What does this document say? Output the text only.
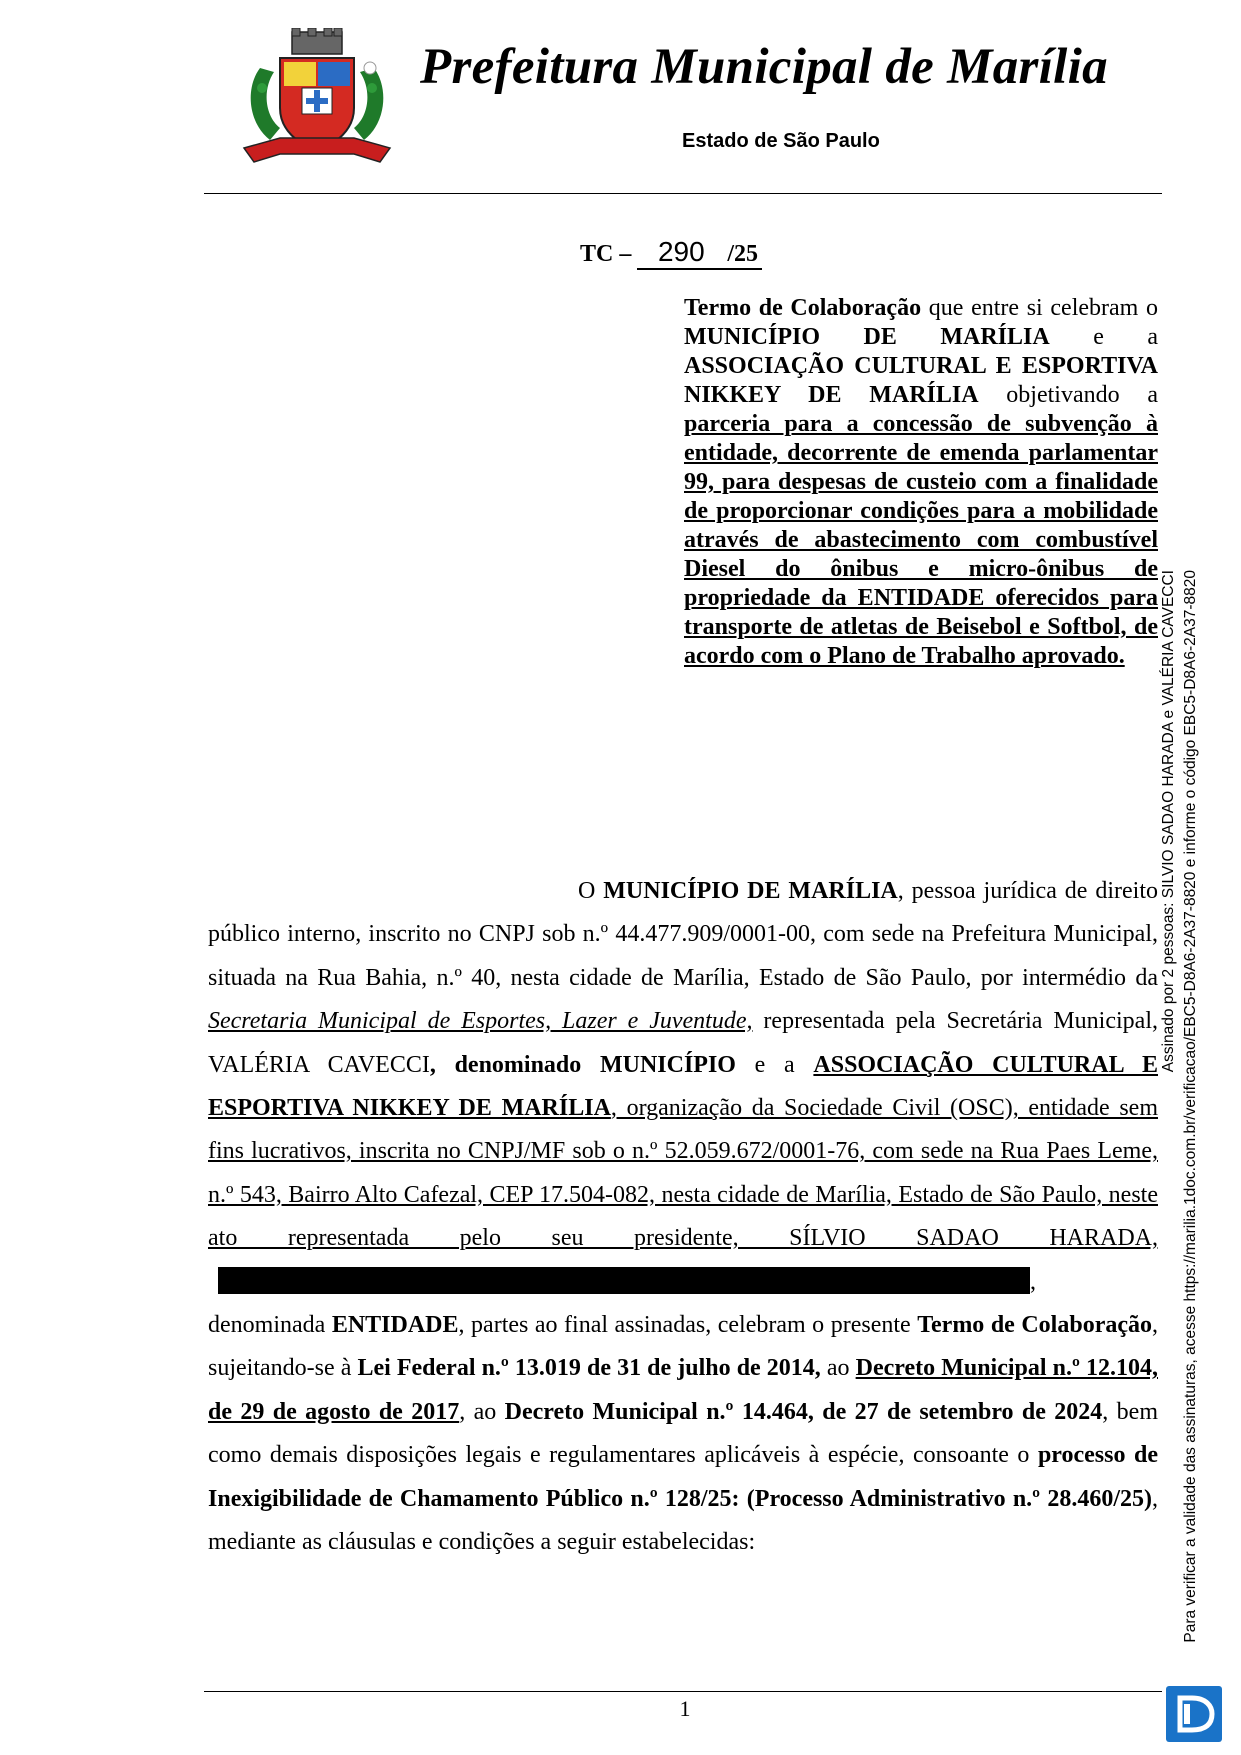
Prefeitura Municipal de Marília
Estado de São Paulo
TC – 290 /25
Termo de Colaboração que entre si celebram o MUNICÍPIO DE MARÍLIA e a ASSOCIAÇÃO CULTURAL E ESPORTIVA NIKKEY DE MARÍLIA objetivando a parceria para a concessão de subvenção à entidade, decorrente de emenda parlamentar 99, para despesas de custeio com a finalidade de proporcionar condições para a mobilidade através de abastecimento com combustível Diesel do ônibus e micro-ônibus de propriedade da ENTIDADE oferecidos para transporte de atletas de Beisebol e Softbol, de acordo com o Plano de Trabalho aprovado.
O MUNICÍPIO DE MARÍLIA, pessoa jurídica de direito público interno, inscrito no CNPJ sob n.º 44.477.909/0001-00, com sede na Prefeitura Municipal, situada na Rua Bahia, n.º 40, nesta cidade de Marília, Estado de São Paulo, por intermédio da Secretaria Municipal de Esportes, Lazer e Juventude, representada pela Secretária Municipal, VALÉRIA CAVECCI, denominado MUNICÍPIO e a ASSOCIAÇÃO CULTURAL E ESPORTIVA NIKKEY DE MARÍLIA, organização da Sociedade Civil (OSC), entidade sem fins lucrativos, inscrita no CNPJ/MF sob o n.º 52.059.672/0001-76, com sede na Rua Paes Leme, n.º 543, Bairro Alto Cafezal, CEP 17.504-082, nesta cidade de Marília, Estado de São Paulo, neste ato representada pelo seu presidente, SÍLVIO SADAO HARADA,, denominada ENTIDADE, partes ao final assinadas, celebram o presente Termo de Colaboração, sujeitando-se à Lei Federal n.º 13.019 de 31 de julho de 2014, ao Decreto Municipal n.º 12.104, de 29 de agosto de 2017, ao Decreto Municipal n.º 14.464, de 27 de setembro de 2024, bem como demais disposições legais e regulamentares aplicáveis à espécie, consoante o processo de Inexigibilidade de Chamamento Público n.º 128/25: (Processo Administrativo n.º 28.460/25), mediante as cláusulas e condições a seguir estabelecidas:
1
Assinado por 2 pessoas: SILVIO SADAO HARADA e VALÉRIA CAVECCI Para verificar a validade das assinaturas, acesse https://marilia.1doc.com.br/verificacao/EBC5-D8A6-2A37-8820 e informe o código EBC5-D8A6-2A37-8820
